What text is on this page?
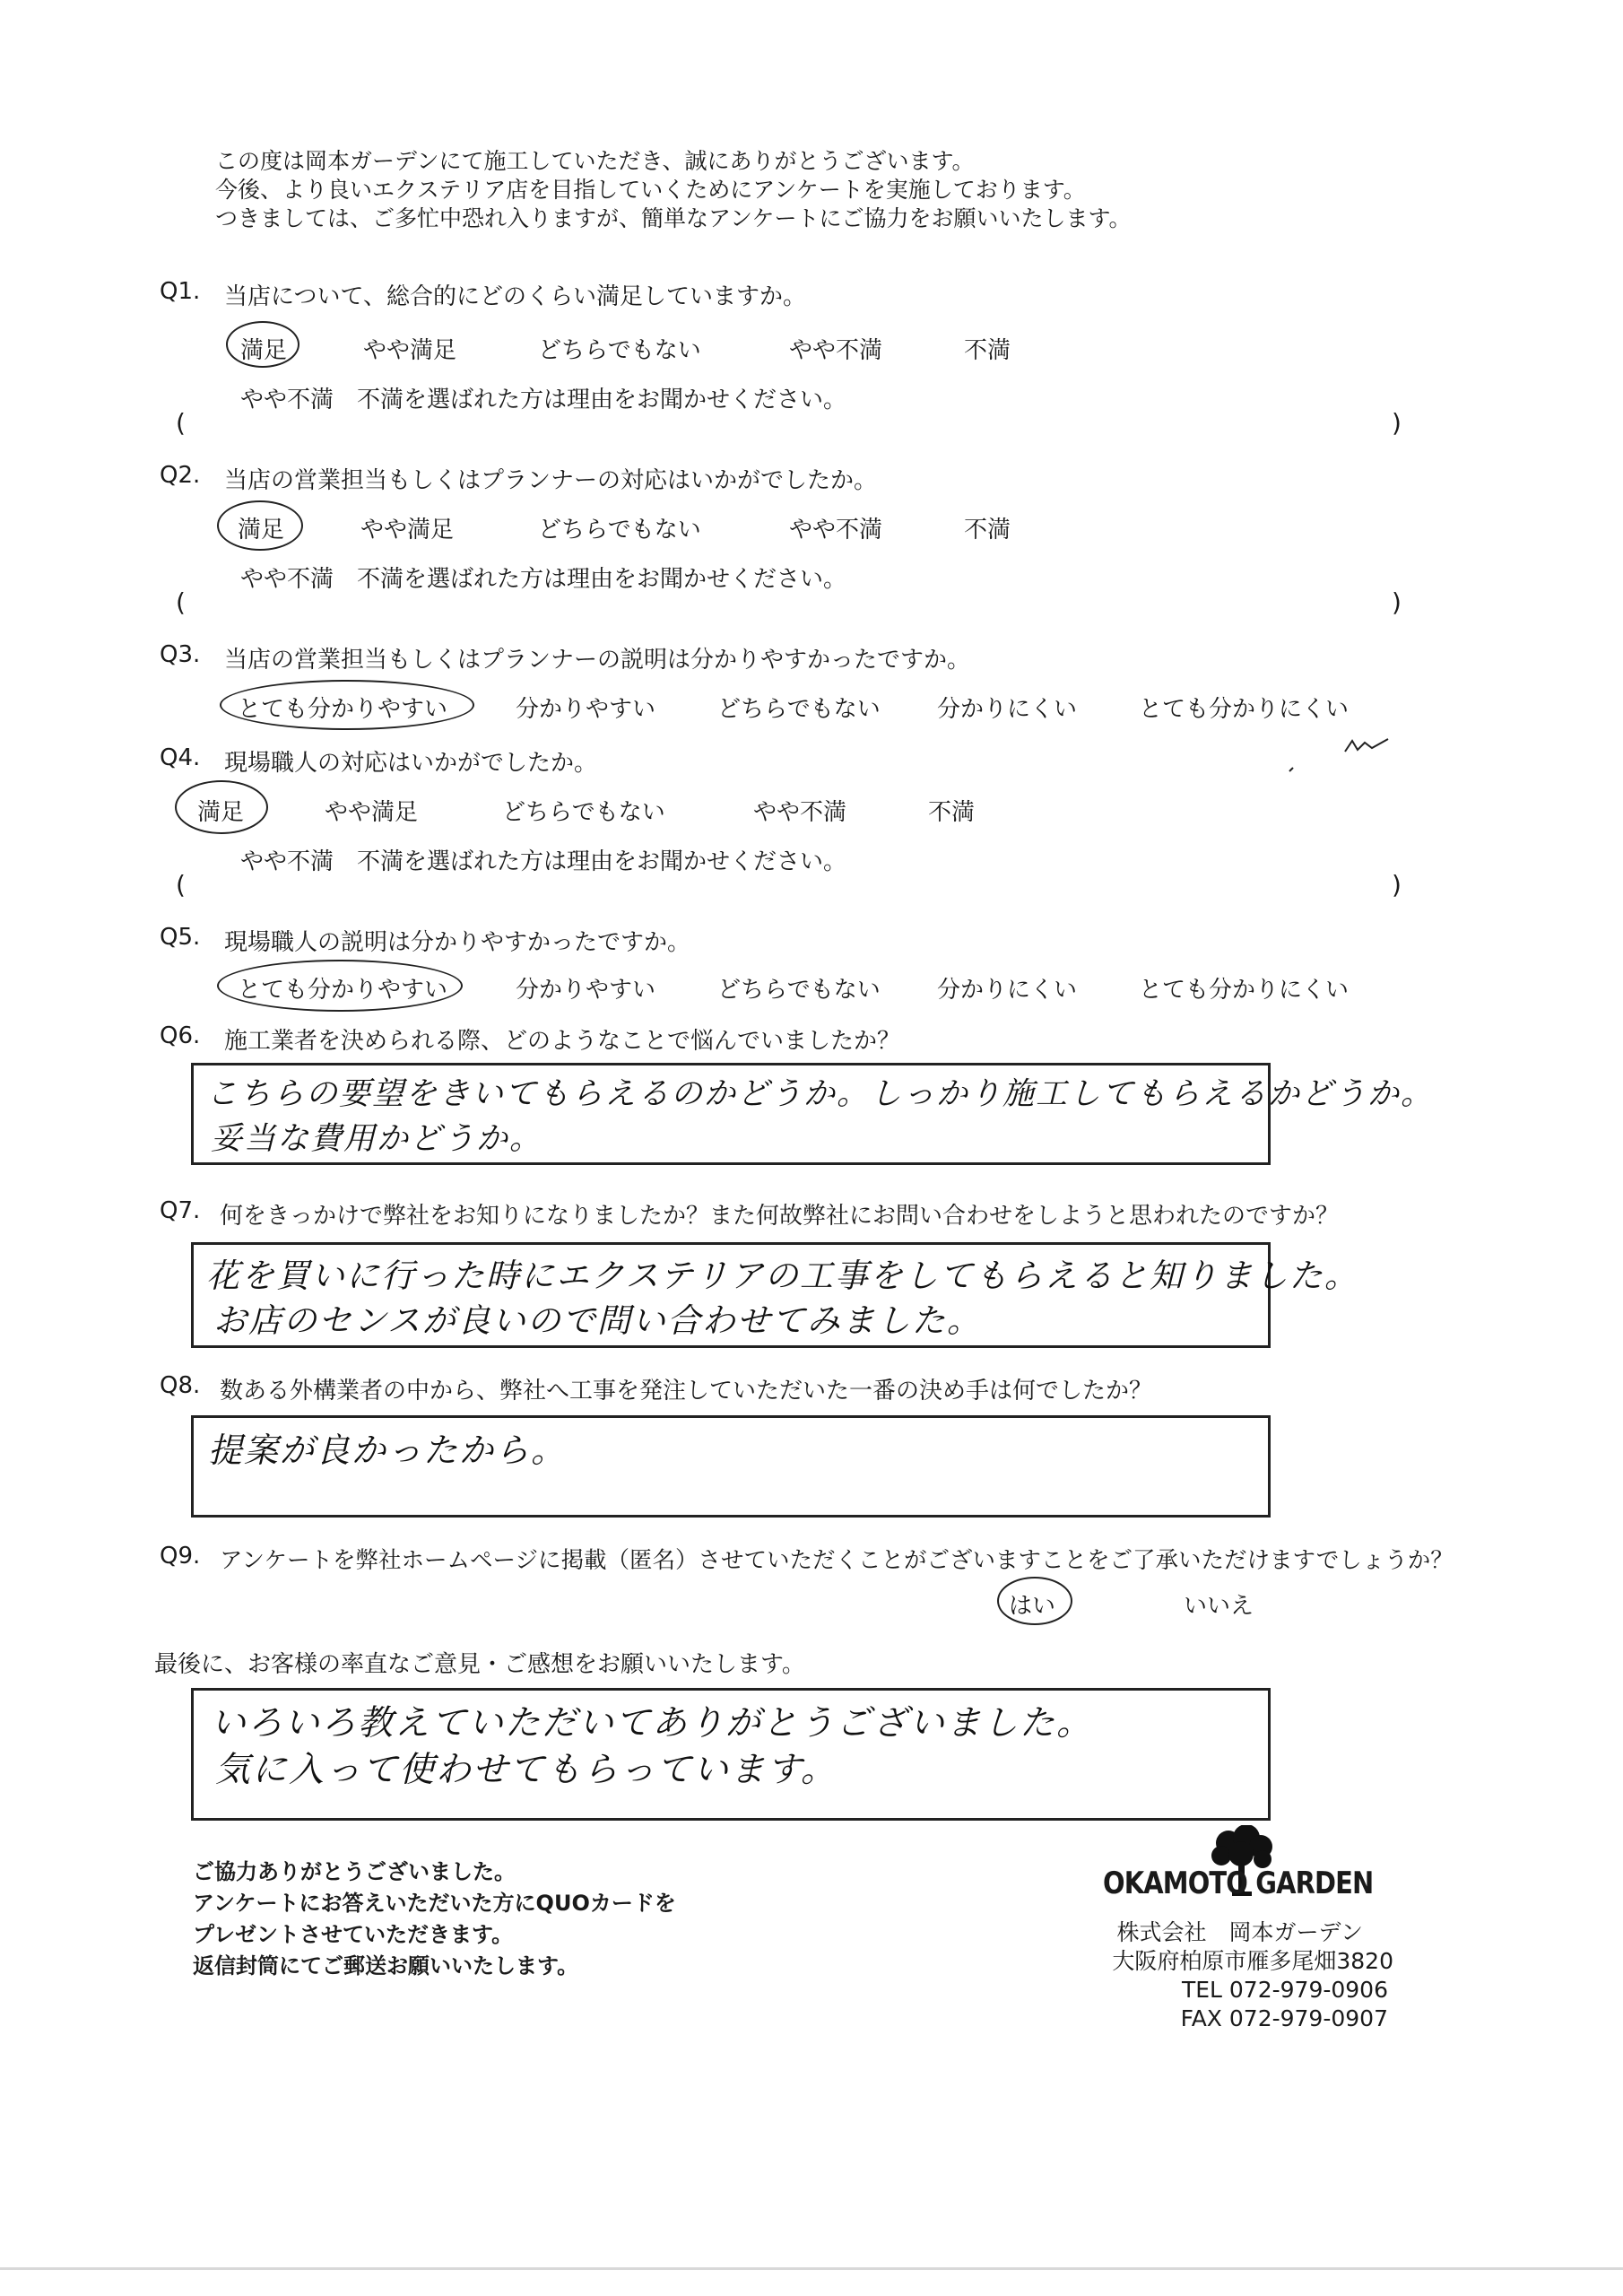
この度は岡本ガーデンにて施工していただき、誠にありがとうございます。
今後、より良いエクステリア店を目指していくためにアンケートを実施しております。
つきましては、ご多忙中恐れ入りますが、簡単なアンケートにご協力をお願いいたします。
Q1. 当店について、総合的にどのくらい満足していますか。
満足	やや満足	どちらでもない	やや不満	不満
やや不満　不満を選ばれた方は理由をお聞かせください。
(	)
Q2. 当店の営業担当もしくはプランナーの対応はいかがでしたか。
満足	やや満足	どちらでもない	やや不満	不満
やや不満　不満を選ばれた方は理由をお聞かせください。
(	)
Q3. 当店の営業担当もしくはプランナーの説明は分かりやすかったですか。
とても分かりやすい	分かりやすい	どちらでもない 分かりにくい	とても分かりにくい
Q4. 現場職人の対応はいかがでしたか。
満足	やや満足	どちらでもない	やや不満	不満
やや不満　不満を選ばれた方は理由をお聞かせください。
(	)
Q5. 現場職人の説明は分かりやすかったですか。
とても分かりやすい	分かりやすい	どちらでもない 分かりにくい	とても分かりにくい
Q6. 施工業者を決められる際、どのようなことで悩んでいましたか？
こちらの要望をきいてもらえるのかどうか。しっかり施工してもらえるかどうか。
妥当な費用かどうか。
Q7. 何をきっかけで弊社をお知りになりましたか？また何故弊社にお問い合わせをしようと思われたのですか？
花を買いに行った時にエクステリアの工事をしてもらえると知りました。
お店のセンスが良いので問い合わせてみました。
Q8. 数ある外構業者の中から、弊社へ工事を発注していただいた一番の決め手は何でしたか？
提案が良かったから。
Q9. アンケートを弊社ホームページに掲載（匿名）させていただくことがございますことをご了承いただけますでしょうか？
はい	いいえ
最後に、お客様の率直なご意見・ご感想をお願いいたします。
いろいろ教えていただいてありがとうございました。
気に入って使わせてもらっています。
ご協力ありがとうございました。
アンケートにお答えいただいた方にQUOカードを
プレゼントさせていただきます。
返信封筒にてご郵送お願いいたします。
OKAMOTO GARDEN
株式会社　岡本ガーデン
大阪府柏原市雁多尾畑3820
TEL 072-979-0906
FAX 072-979-0907
